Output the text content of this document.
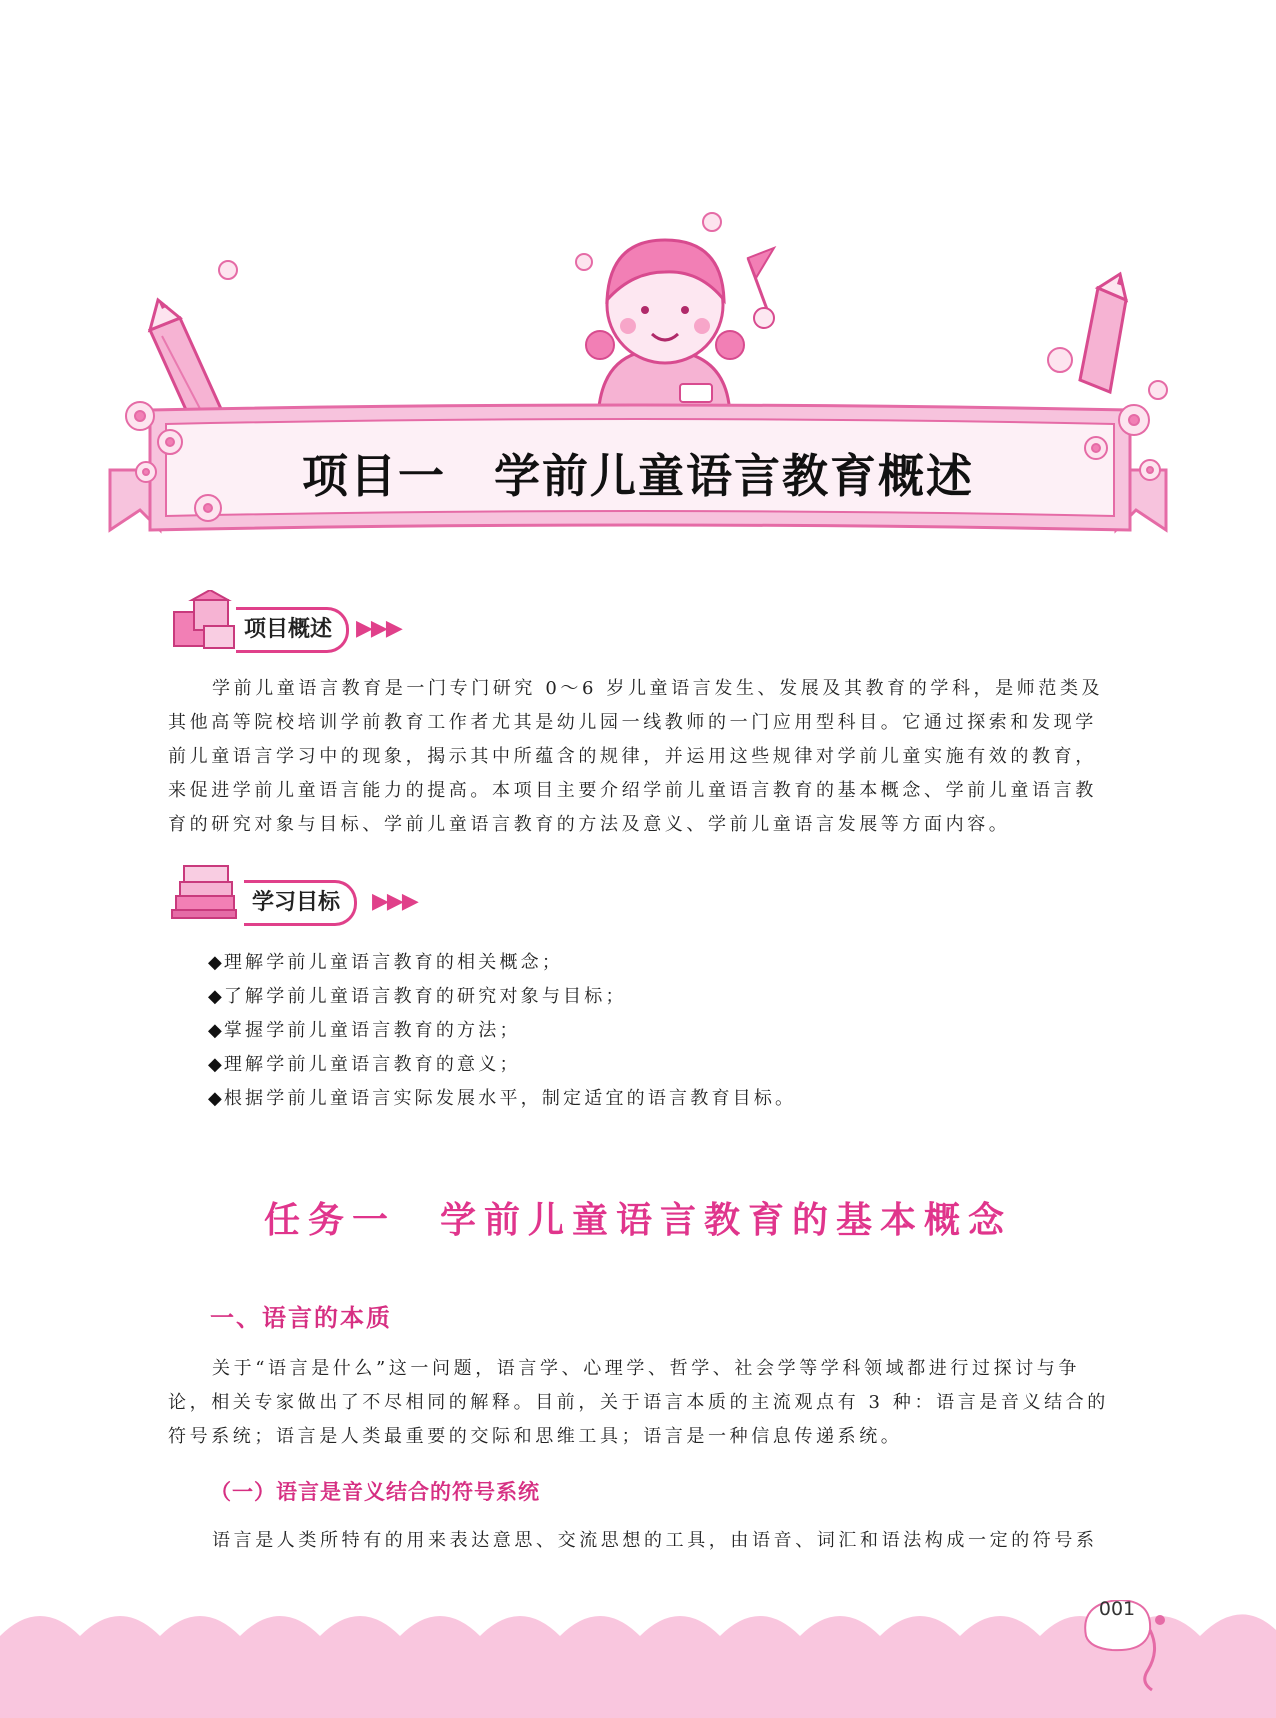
项目一　学前儿童语言教育概述
项目概述	▶▶▶
学前儿童语言教育是一门专门研究 0～6 岁儿童语言发生、发展及其教育的学科，是师范类及
其他高等院校培训学前教育工作者尤其是幼儿园一线教师的一门应用型科目。它通过探索和发现学
前儿童语言学习中的现象，揭示其中所蕴含的规律，并运用这些规律对学前儿童实施有效的教育，
来促进学前儿童语言能力的提高。本项目主要介绍学前儿童语言教育的基本概念、学前儿童语言教
育的研究对象与目标、学前儿童语言教育的方法及意义、学前儿童语言发展等方面内容。
学习目标	▶▶▶
◆ 理解学前儿童语言教育的相关概念；
◆ 了解学前儿童语言教育的研究对象与目标；
◆ 掌握学前儿童语言教育的方法；
◆ 理解学前儿童语言教育的意义；
◆ 根据学前儿童语言实际发展水平，制定适宜的语言教育目标。
任务一　学前儿童语言教育的基本概念
一、语言的本质
关于“语言是什么”这一问题，语言学、心理学、哲学、社会学等学科领域都进行过探讨与争
论，相关专家做出了不尽相同的解释。目前，关于语言本质的主流观点有 3 种：语言是音义结合的
符号系统；语言是人类最重要的交际和思维工具；语言是一种信息传递系统。
（一）语言是音义结合的符号系统
语言是人类所特有的用来表达意思、交流思想的工具，由语音、词汇和语法构成一定的符号系
001
